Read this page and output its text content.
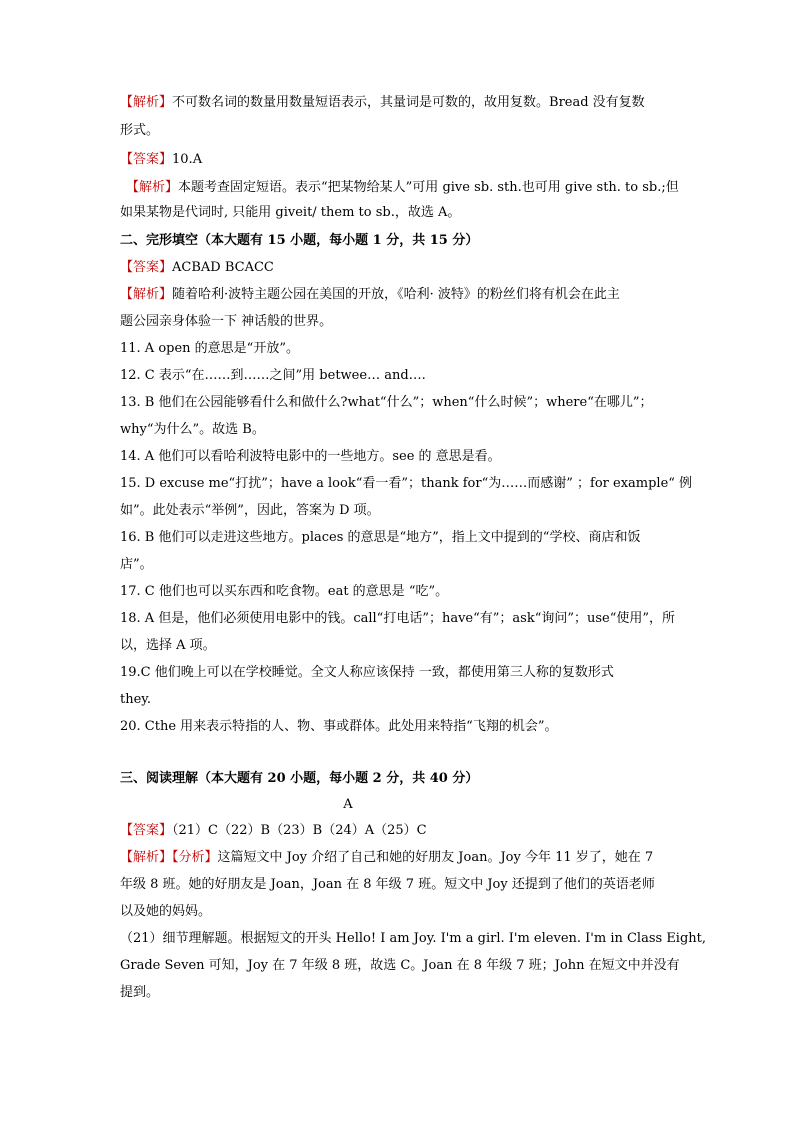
【解析】不可数名词的数量用数量短语表示，其量词是可数的，故用复数。Bread 没有复数
形式。
【答案】10.A
【解析】本题考查固定短语。表示“把某物给某人”可用 give sb. sth.也可用 give sth. to sb.;但
如果某物是代词时, 只能用 giveit/ them to sb.，故选 A。
二、完形填空（本大题有 15 小题，每小题 1 分，共 15 分）
【答案】ACBAD BCACC
【解析】随着哈利·波特主题公园在美国的开放，《哈利· 波特》的粉丝们将有机会在此主
题公园亲身体验一下 神话般的世界。
11. A open 的意思是“开放”。
12. C 表示“在……到……之间”用 betwee… and….
13. B 他们在公园能够看什么和做什么?what“什么”；when“什么时候”；where“在哪儿”；
why“为什么”。故选 B。
14. A 他们可以看哈利波特电影中的一些地方。see 的 意思是看。
15. D excuse me“打扰”；have a look“看一看”；thank for“为……而感谢” ；for example“ 例
如”。此处表示“举例”，因此，答案为 D 项。
16. B 他们可以走进这些地方。places 的意思是“地方”，指上文中提到的“学校、商店和饭
店”。
17. C 他们也可以买东西和吃食物。eat 的意思是 “吃”。
18. A 但是，他们必须使用电影中的钱。call“打电话”；have“有”；ask“询问”；use“使用”，所
以，选择 A 项。
19.C 他们晚上可以在学校睡觉。全文人称应该保持 一致，都使用第三人称的复数形式
they.
20. Cthe 用来表示特指的人、物、事或群体。此处用来特指“飞翔的机会”。
三、阅读理解（本大题有 20 小题，每小题 2 分，共 40 分）
A
【答案】（21）C（22）B（23）B（24）A（25）C
【解析】【分析】这篇短文中 Joy 介绍了自己和她的好朋友 Joan。Joy 今年 11 岁了，她在 7
年级 8 班。她的好朋友是 Joan，Joan 在 8 年级 7 班。短文中 Joy 还提到了他们的英语老师
以及她的妈妈。
（21）细节理解题。根据短文的开头 Hello! I am Joy. I'm a girl. I'm eleven. I'm in Class Eight,
Grade Seven 可知，Joy 在 7 年级 8 班，故选 C。Joan 在 8 年级 7 班；John 在短文中并没有
提到。
